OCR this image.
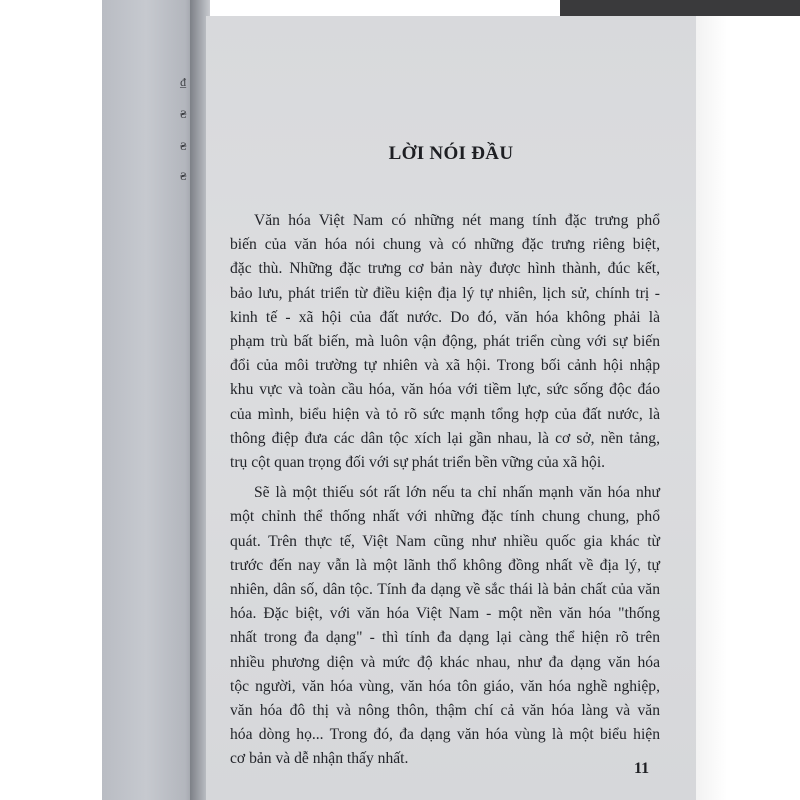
₫
₴
₴
₴
LỜI NÓI ĐẦU

Văn hóa Việt Nam có những nét mang tính đặc trưng phổ
biến của văn hóa nói chung và có những đặc trưng riêng biệt,
đặc thù. Những đặc trưng cơ bản này được hình thành, đúc kết,
bảo lưu, phát triển từ điều kiện địa lý tự nhiên, lịch sử, chính trị -
kinh tế - xã hội của đất nước. Do đó, văn hóa không phải là
phạm trù bất biến, mà luôn vận động, phát triển cùng với sự biến
đổi của môi trường tự nhiên và xã hội. Trong bối cảnh hội nhập
khu vực và toàn cầu hóa, văn hóa với tiềm lực, sức sống độc đáo
của mình, biểu hiện và tỏ rõ sức mạnh tổng hợp của đất nước, là
thông điệp đưa các dân tộc xích lại gần nhau, là cơ sở, nền tảng,
trụ cột quan trọng đối với sự phát triển bền vững của xã hội.

Sẽ là một thiếu sót rất lớn nếu ta chỉ nhấn mạnh văn hóa như
một chỉnh thể thống nhất với những đặc tính chung chung, phổ
quát. Trên thực tế, Việt Nam cũng như nhiều quốc gia khác từ
trước đến nay vẫn là một lãnh thổ không đồng nhất về địa lý, tự
nhiên, dân số, dân tộc. Tính đa dạng về sắc thái là bản chất của văn
hóa. Đặc biệt, với văn hóa Việt Nam - một nền văn hóa "thống
nhất trong đa dạng" - thì tính đa dạng lại càng thể hiện rõ trên
nhiều phương diện và mức độ khác nhau, như đa dạng văn hóa
tộc người, văn hóa vùng, văn hóa tôn giáo, văn hóa nghề nghiệp,
văn hóa đô thị và nông thôn, thậm chí cả văn hóa làng và văn
hóa dòng họ... Trong đó, đa dạng văn hóa vùng là một biểu hiện
cơ bản và dễ nhận thấy nhất.

11
